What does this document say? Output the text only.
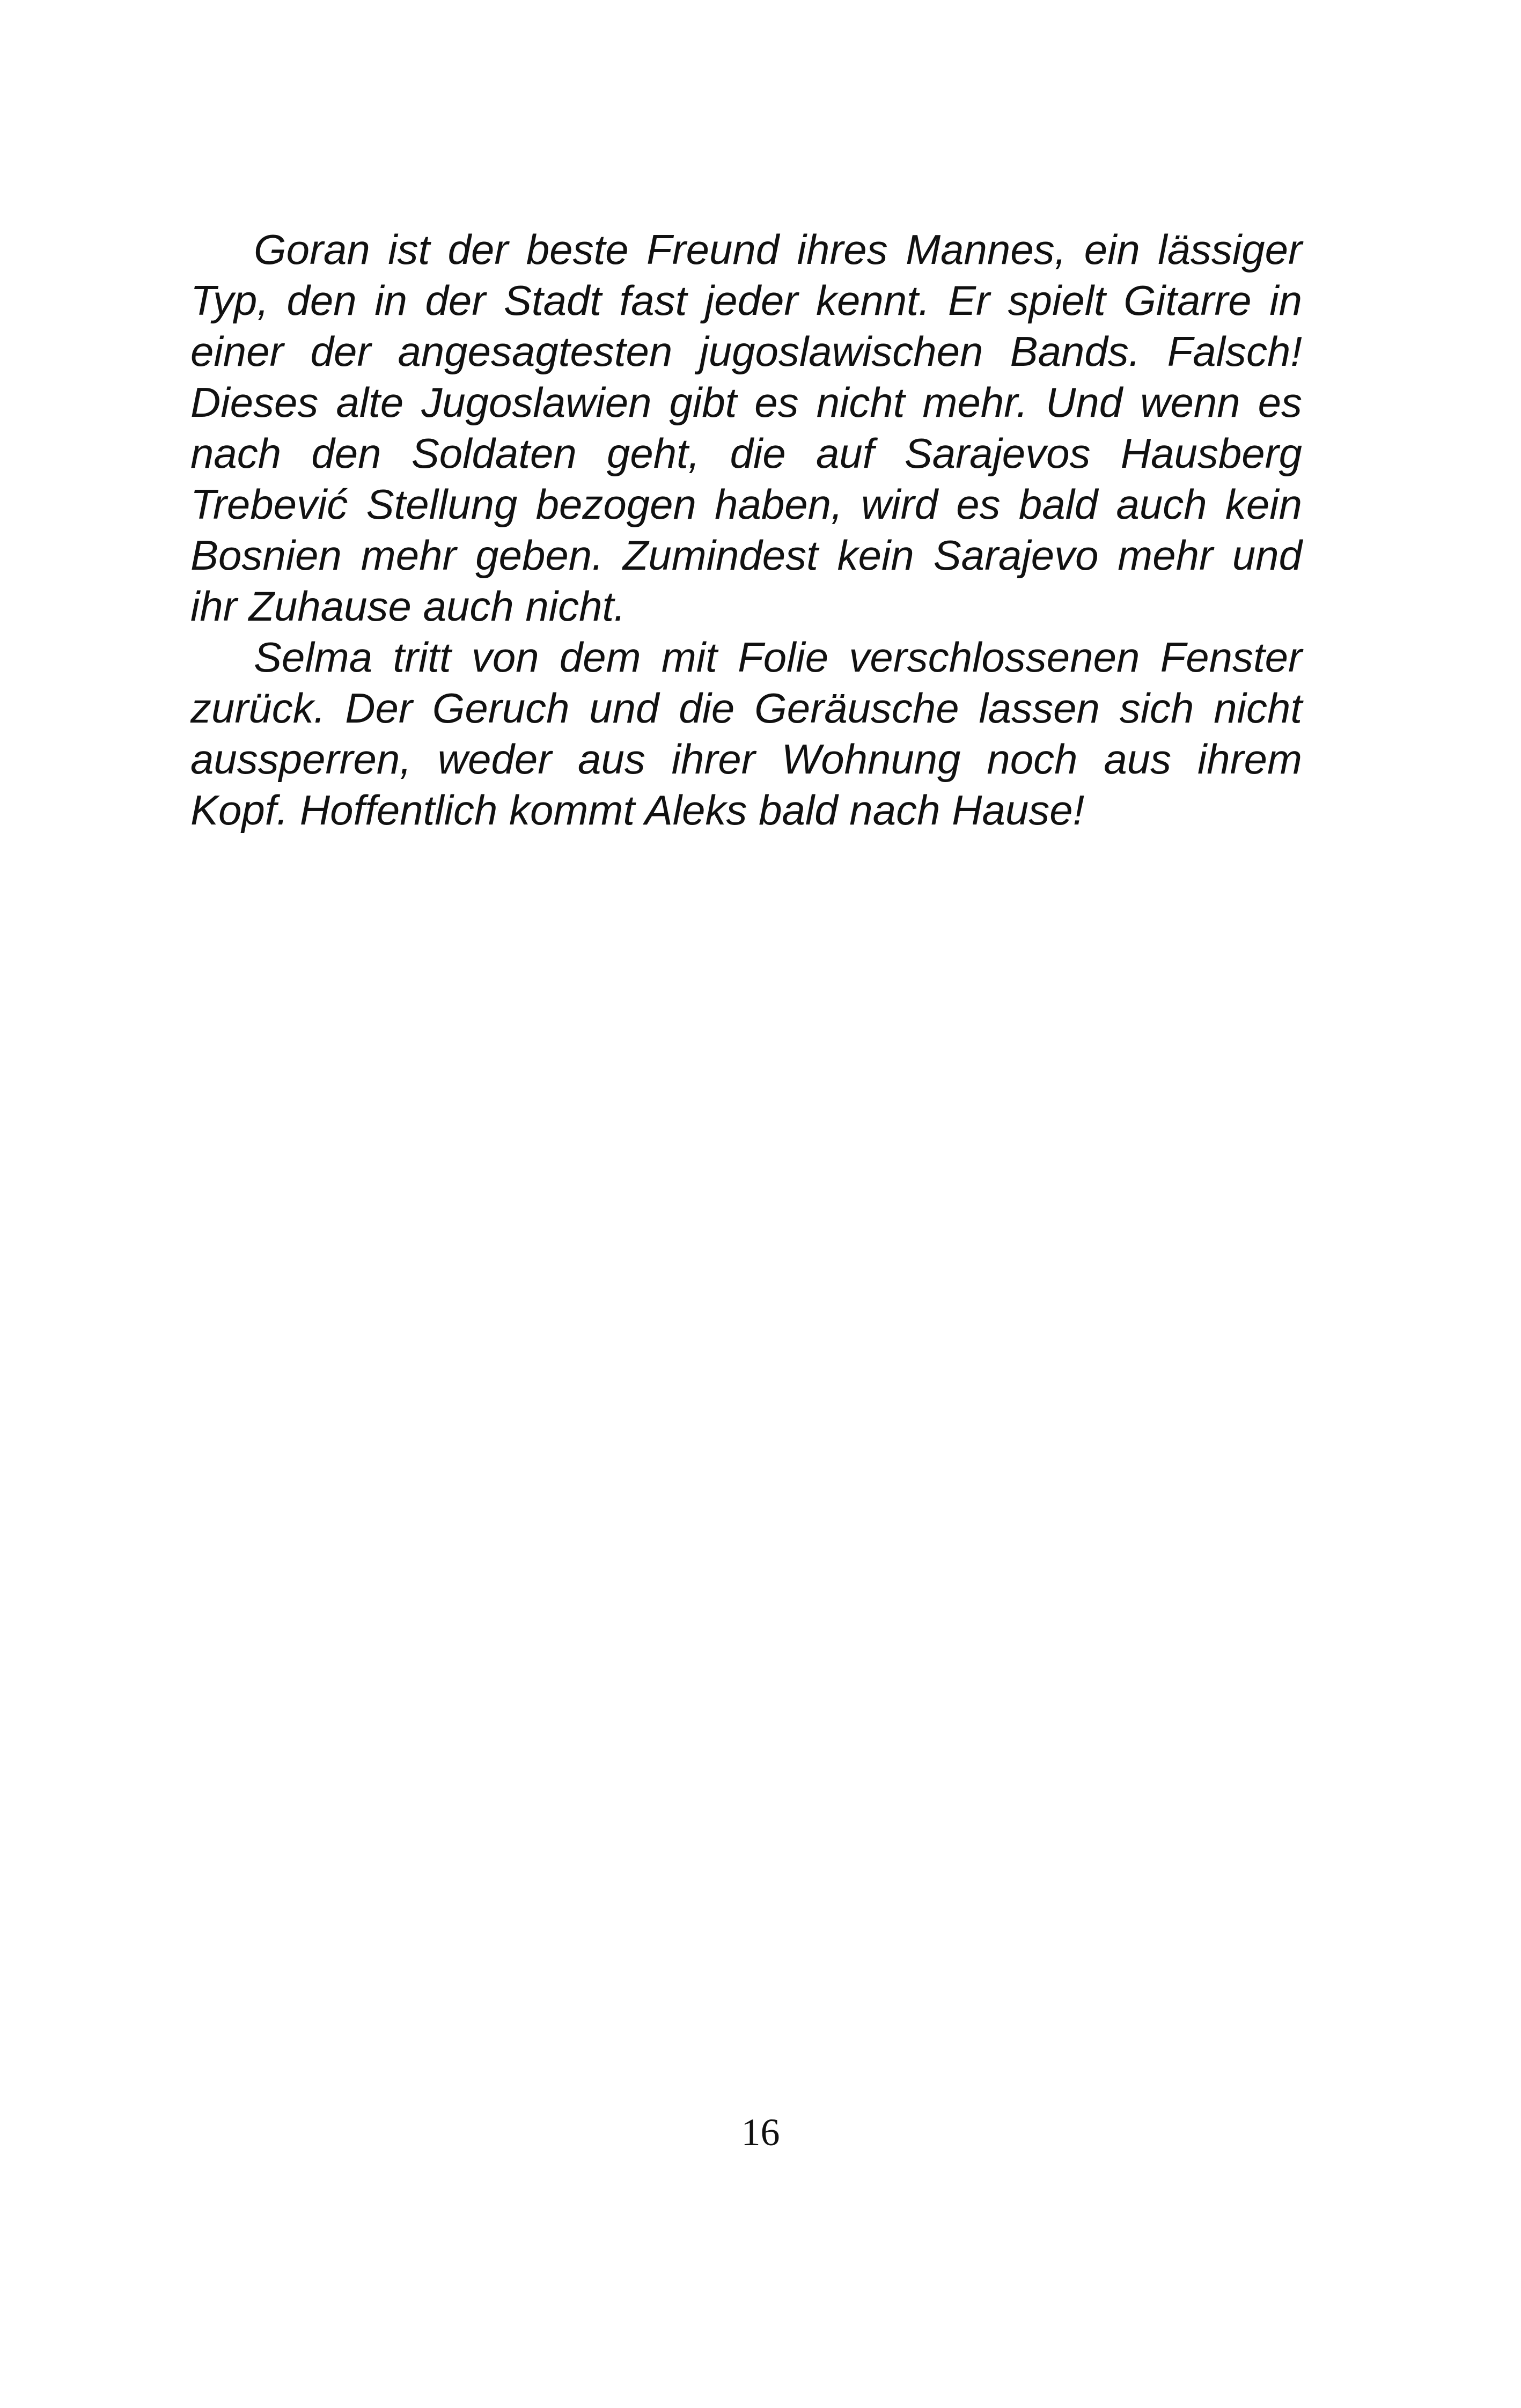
Goran ist der beste Freund ihres Mannes, ein lässiger
Typ, den in der Stadt fast jeder kennt. Er spielt Gitarre in
einer der angesagtesten jugoslawischen Bands. Falsch!
Dieses alte Jugoslawien gibt es nicht mehr. Und wenn es
nach den Soldaten geht, die auf Sarajevos Hausberg
Trebević Stellung bezogen haben, wird es bald auch kein
Bosnien mehr geben. Zumindest kein Sarajevo mehr und
ihr Zuhause auch nicht.
Selma tritt von dem mit Folie verschlossenen Fenster
zurück. Der Geruch und die Geräusche lassen sich nicht
aussperren, weder aus ihrer Wohnung noch aus ihrem
Kopf. Hoffentlich kommt Aleks bald nach Hause!
16
